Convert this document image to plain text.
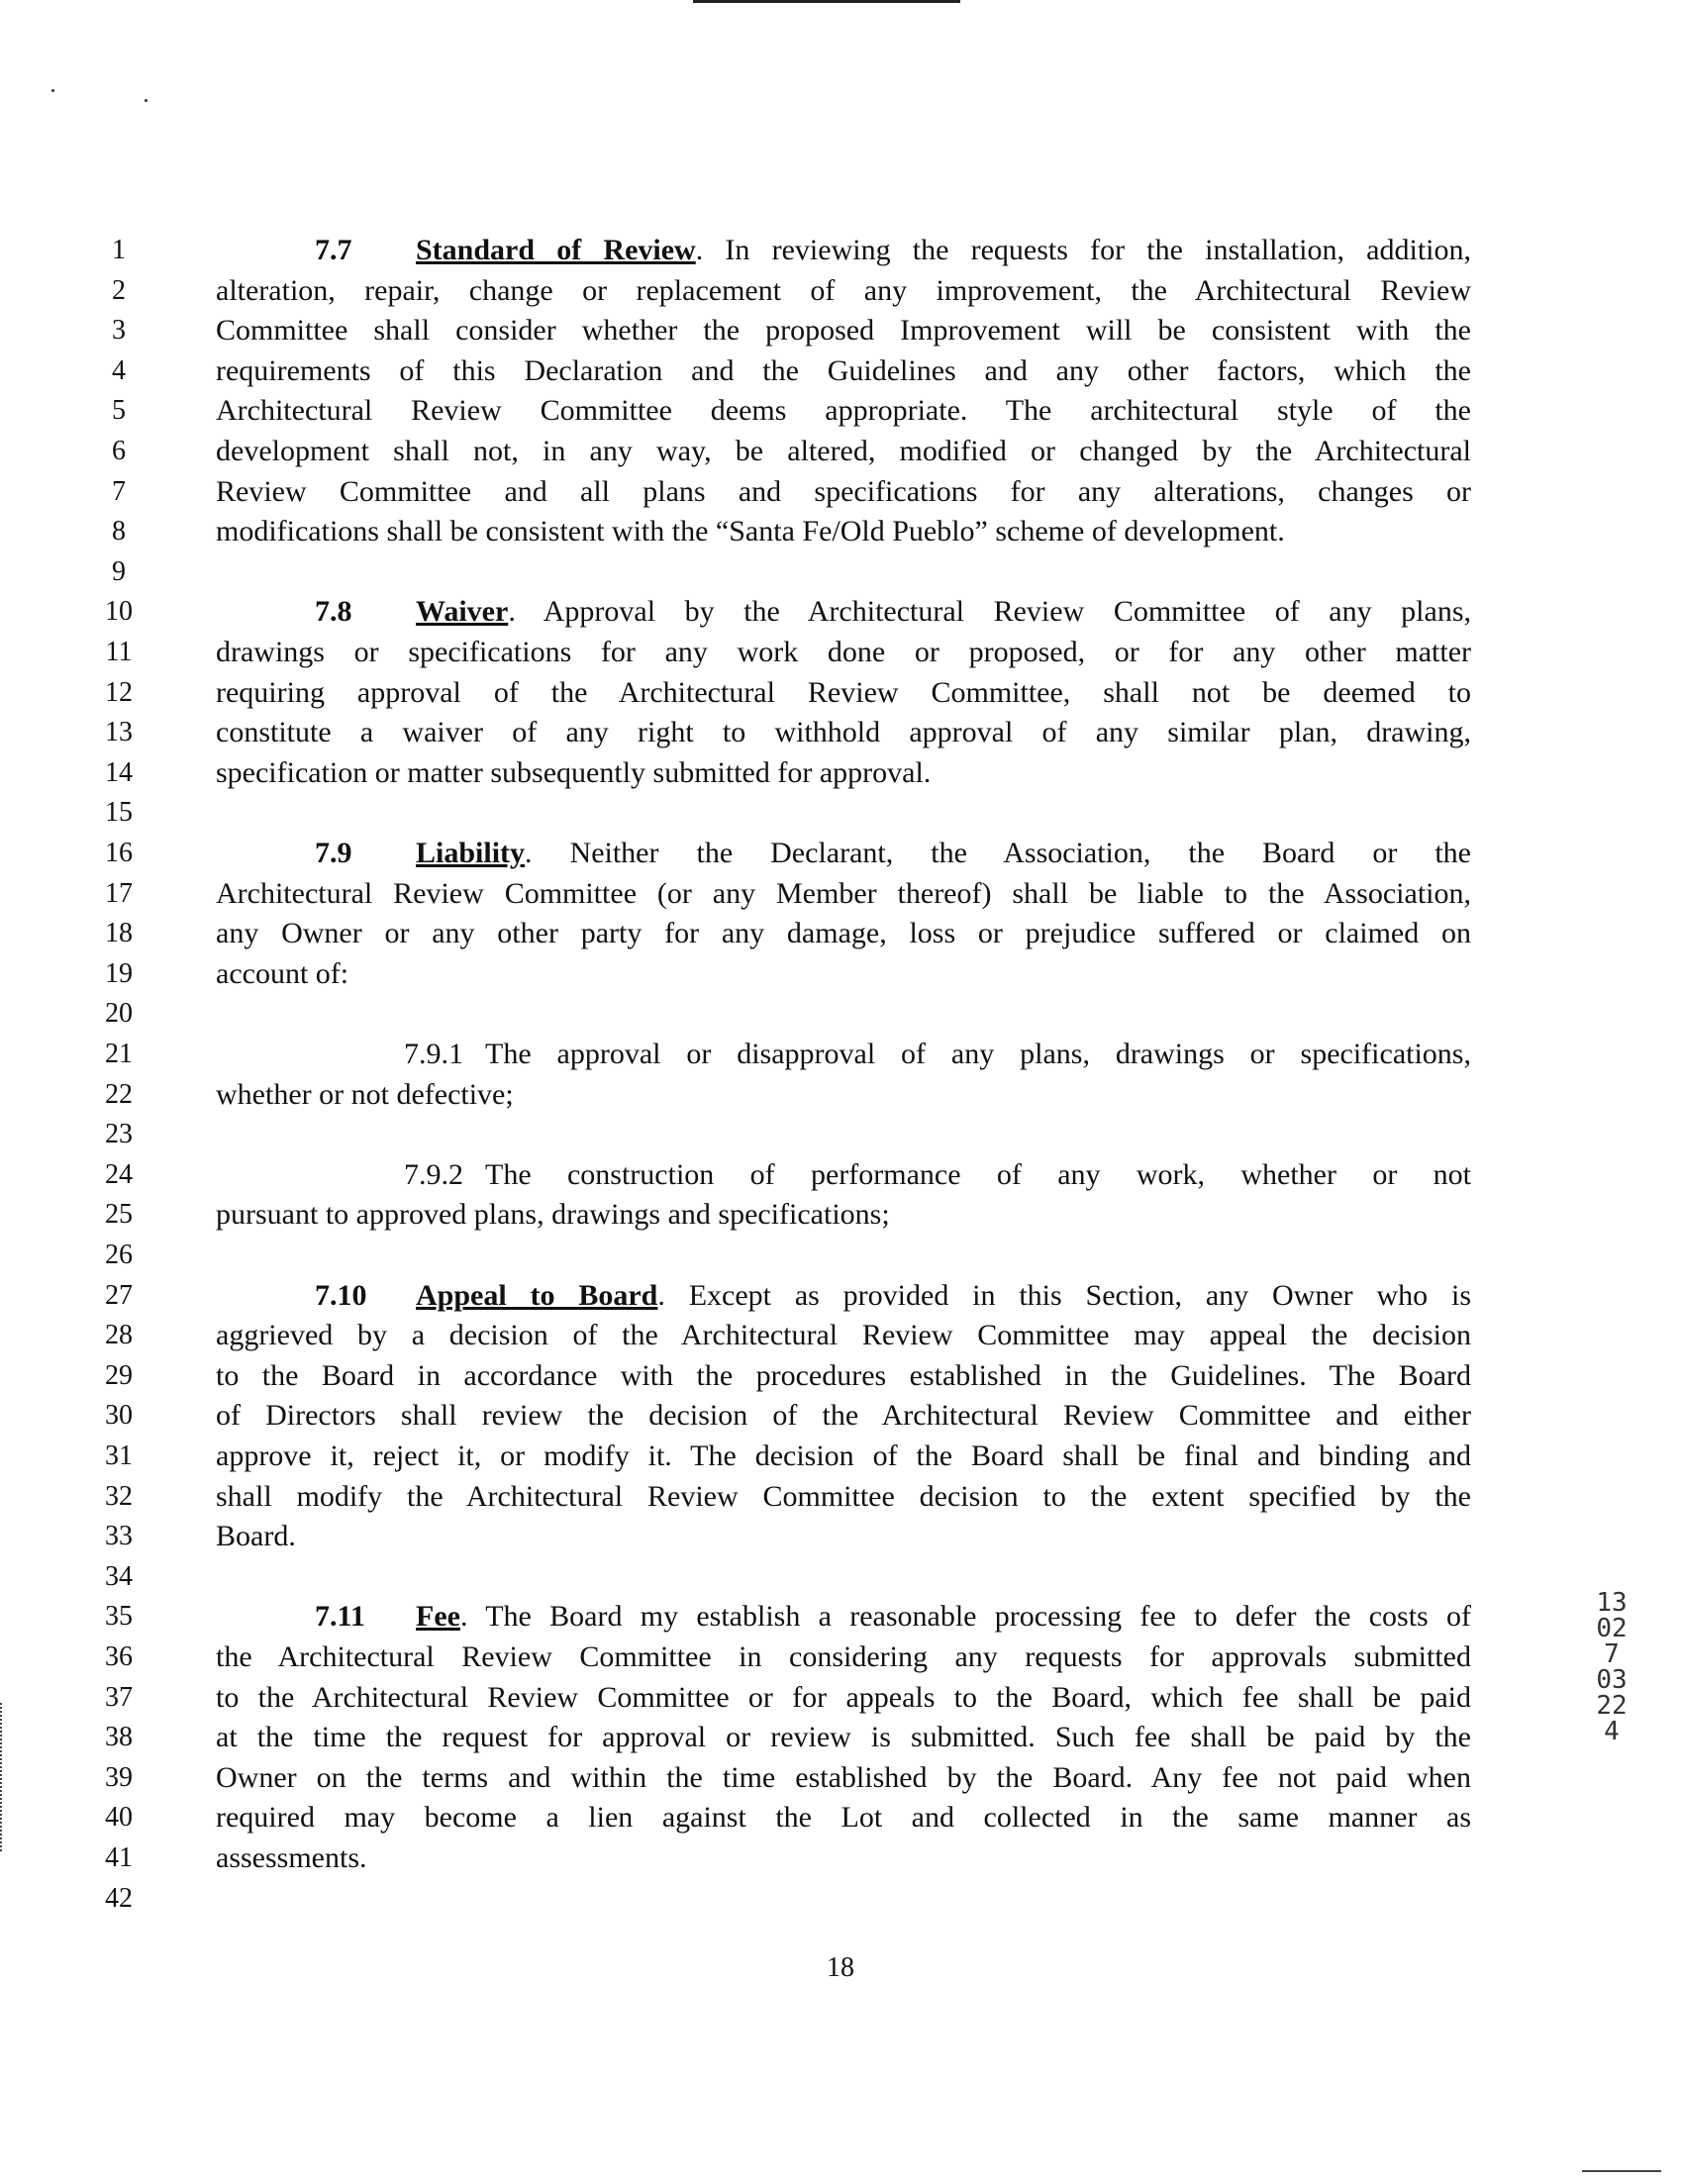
1	7.7 Standard of Review. In reviewing the requests for the installation, addition,
2	alteration, repair, change or replacement of any improvement, the Architectural Review
3	Committee shall consider whether the proposed Improvement will be consistent with the
4	requirements of this Declaration and the Guidelines and any other factors, which the
5	Architectural Review Committee deems appropriate. The architectural style of the
6	development shall not, in any way, be altered, modified or changed by the Architectural
7	Review Committee and all plans and specifications for any alterations, changes or
8	modifications shall be consistent with the “Santa Fe/Old Pueblo” scheme of development.
9
10	7.8 Waiver. Approval by the Architectural Review Committee of any plans,
11	drawings or specifications for any work done or proposed, or for any other matter
12	requiring approval of the Architectural Review Committee, shall not be deemed to
13	constitute a waiver of any right to withhold approval of any similar plan, drawing,
14	specification or matter subsequently submitted for approval.
15
16	7.9 Liability. Neither the Declarant, the Association, the Board or the
17	Architectural Review Committee (or any Member thereof) shall be liable to the Association,
18	any Owner or any other party for any damage, loss or prejudice suffered or claimed on
19	account of:
20
21	7.9.1 The approval or disapproval of any plans, drawings or specifications,
22	whether or not defective;
23
24	7.9.2 The construction of performance of any work, whether or not
25	pursuant to approved plans, drawings and specifications;
26
27	7.10 Appeal to Board. Except as provided in this Section, any Owner who is
28	aggrieved by a decision of the Architectural Review Committee may appeal the decision
29	to the Board in accordance with the procedures established in the Guidelines. The Board
30	of Directors shall review the decision of the Architectural Review Committee and either
31	approve it, reject it, or modify it. The decision of the Board shall be final and binding and
32	shall modify the Architectural Review Committee decision to the extent specified by the
33	Board.
34
35	7.11 Fee. The Board my establish a reasonable processing fee to defer the costs of
36	the Architectural Review Committee in considering any requests for approvals submitted
37	to the Architectural Review Committee or for appeals to the Board, which fee shall be paid
38	at the time the request for approval or review is submitted. Such fee shall be paid by the
39	Owner on the terms and within the time established by the Board. Any fee not paid when
40	required may become a lien against the Lot and collected in the same manner as
41	assessments.
42
18
13027 03224
